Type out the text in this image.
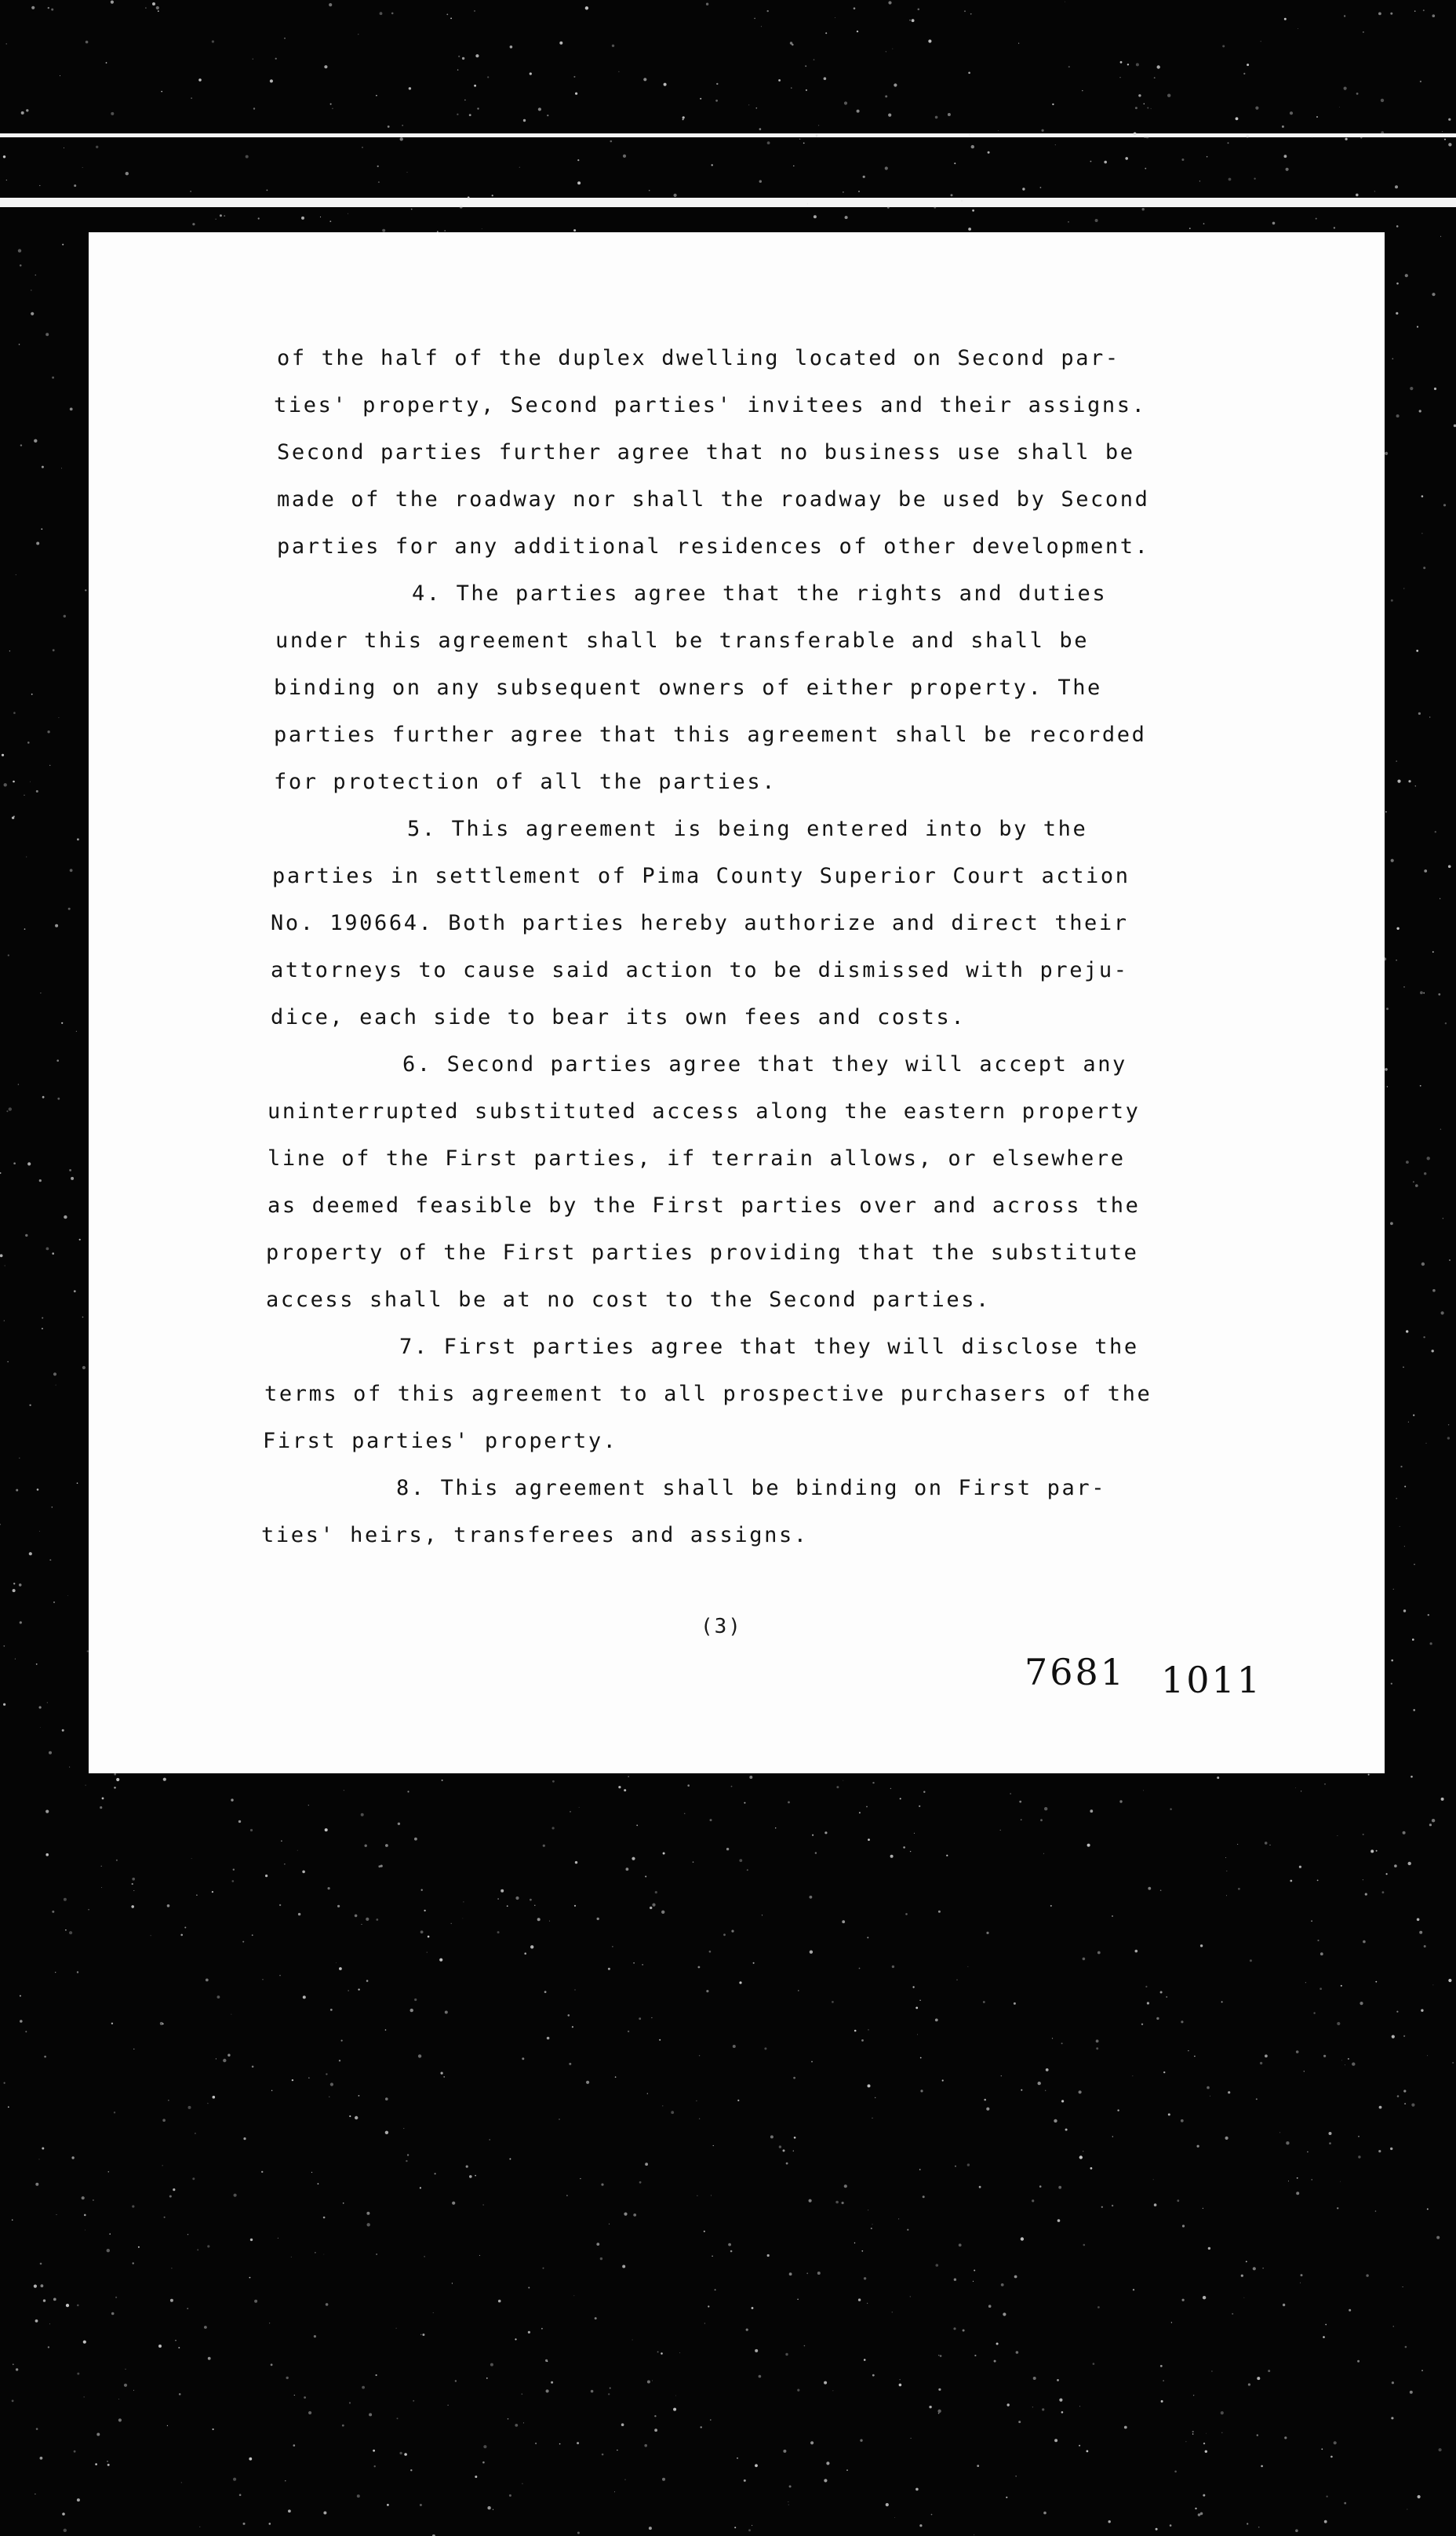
of the half of the duplex dwelling located on Second par-
ties' property, Second parties' invitees and their assigns.
Second parties further agree that no business use shall be
made of the roadway nor shall the roadway be used by Second
parties for any additional residences of other development.
4. The parties agree that the rights and duties
under this agreement shall be transferable and shall be
binding on any subsequent owners of either property. The
parties further agree that this agreement shall be recorded
for protection of all the parties.
5. This agreement is being entered into by the
parties in settlement of Pima County Superior Court action
No. 190664. Both parties hereby authorize and direct their
attorneys to cause said action to be dismissed with preju-
dice, each side to bear its own fees and costs.
6. Second parties agree that they will accept any
uninterrupted substituted access along the eastern property
line of the First parties, if terrain allows, or elsewhere
as deemed feasible by the First parties over and across the
property of the First parties providing that the substitute
access shall be at no cost to the Second parties.
7. First parties agree that they will disclose the
terms of this agreement to all prospective purchasers of the
First parties' property.
8. This agreement shall be binding on First par-
ties' heirs, transferees and assigns.
(3)
7681 1011
